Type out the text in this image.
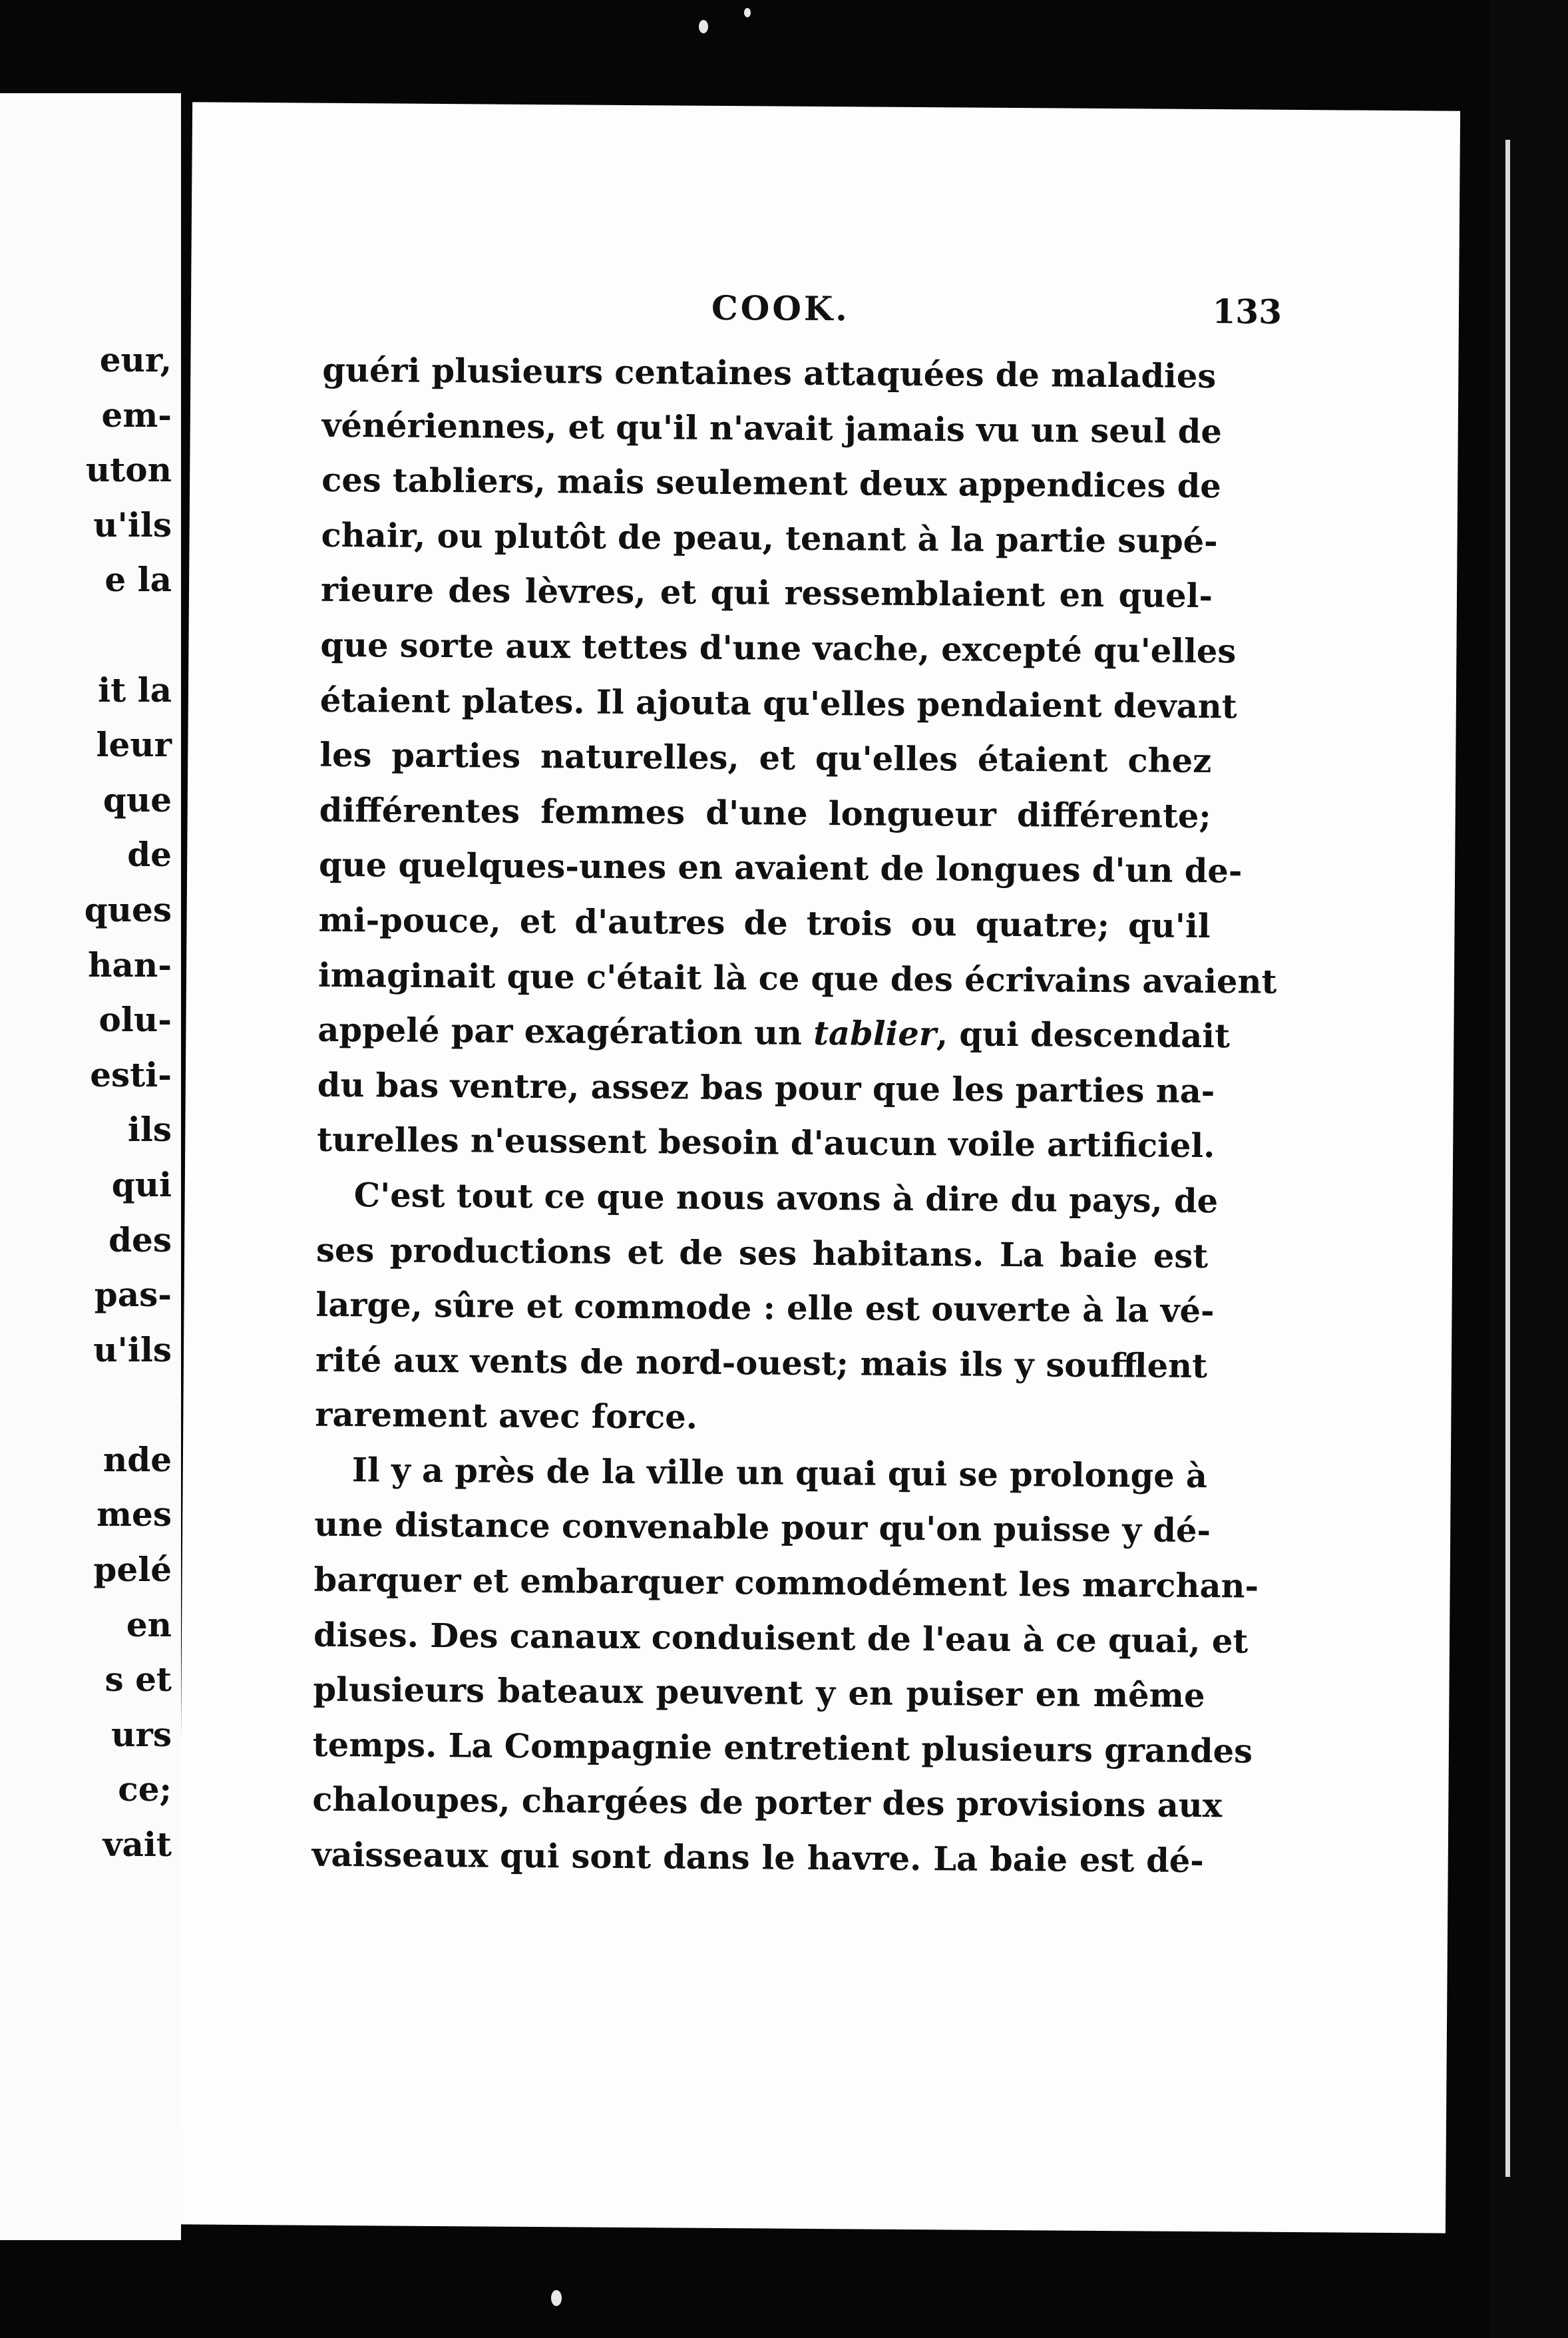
eur,
em-
uton
u'ils
e la
it la
leur
que
de
ques
han-
olu-
esti-
ils
qui
des
pas-
u'ils
nde
mes
pelé
en
s et
urs
ce;
vait
COOK.	133
guéri plusieurs centaines attaquées de maladies
vénériennes, et qu'il n'avait jamais vu un seul de
ces tabliers, mais seulement deux appendices de
chair, ou plutôt de peau, tenant à la partie supé-
rieure des lèvres, et qui ressemblaient en quel-
que sorte aux tettes d'une vache, excepté qu'elles
étaient plates. Il ajouta qu'elles pendaient devant
les parties naturelles, et qu'elles étaient chez
différentes femmes d'une longueur différente;
que quelques-unes en avaient de longues d'un de-
mi-pouce, et d'autres de trois ou quatre; qu'il
imaginait que c'était là ce que des écrivains avaient
appelé par exagération un tablier, qui descendait
du bas ventre, assez bas pour que les parties na-
turelles n'eussent besoin d'aucun voile artificiel.
C'est tout ce que nous avons à dire du pays, de
ses productions et de ses habitans. La baie est
large, sûre et commode : elle est ouverte à la vé-
rité aux vents de nord-ouest; mais ils y soufflent
rarement avec force.
Il y a près de la ville un quai qui se prolonge à
une distance convenable pour qu'on puisse y dé-
barquer et embarquer commodément les marchan-
dises. Des canaux conduisent de l'eau à ce quai, et
plusieurs bateaux peuvent y en puiser en même
temps. La Compagnie entretient plusieurs grandes
chaloupes, chargées de porter des provisions aux
vaisseaux qui sont dans le havre. La baie est dé-
